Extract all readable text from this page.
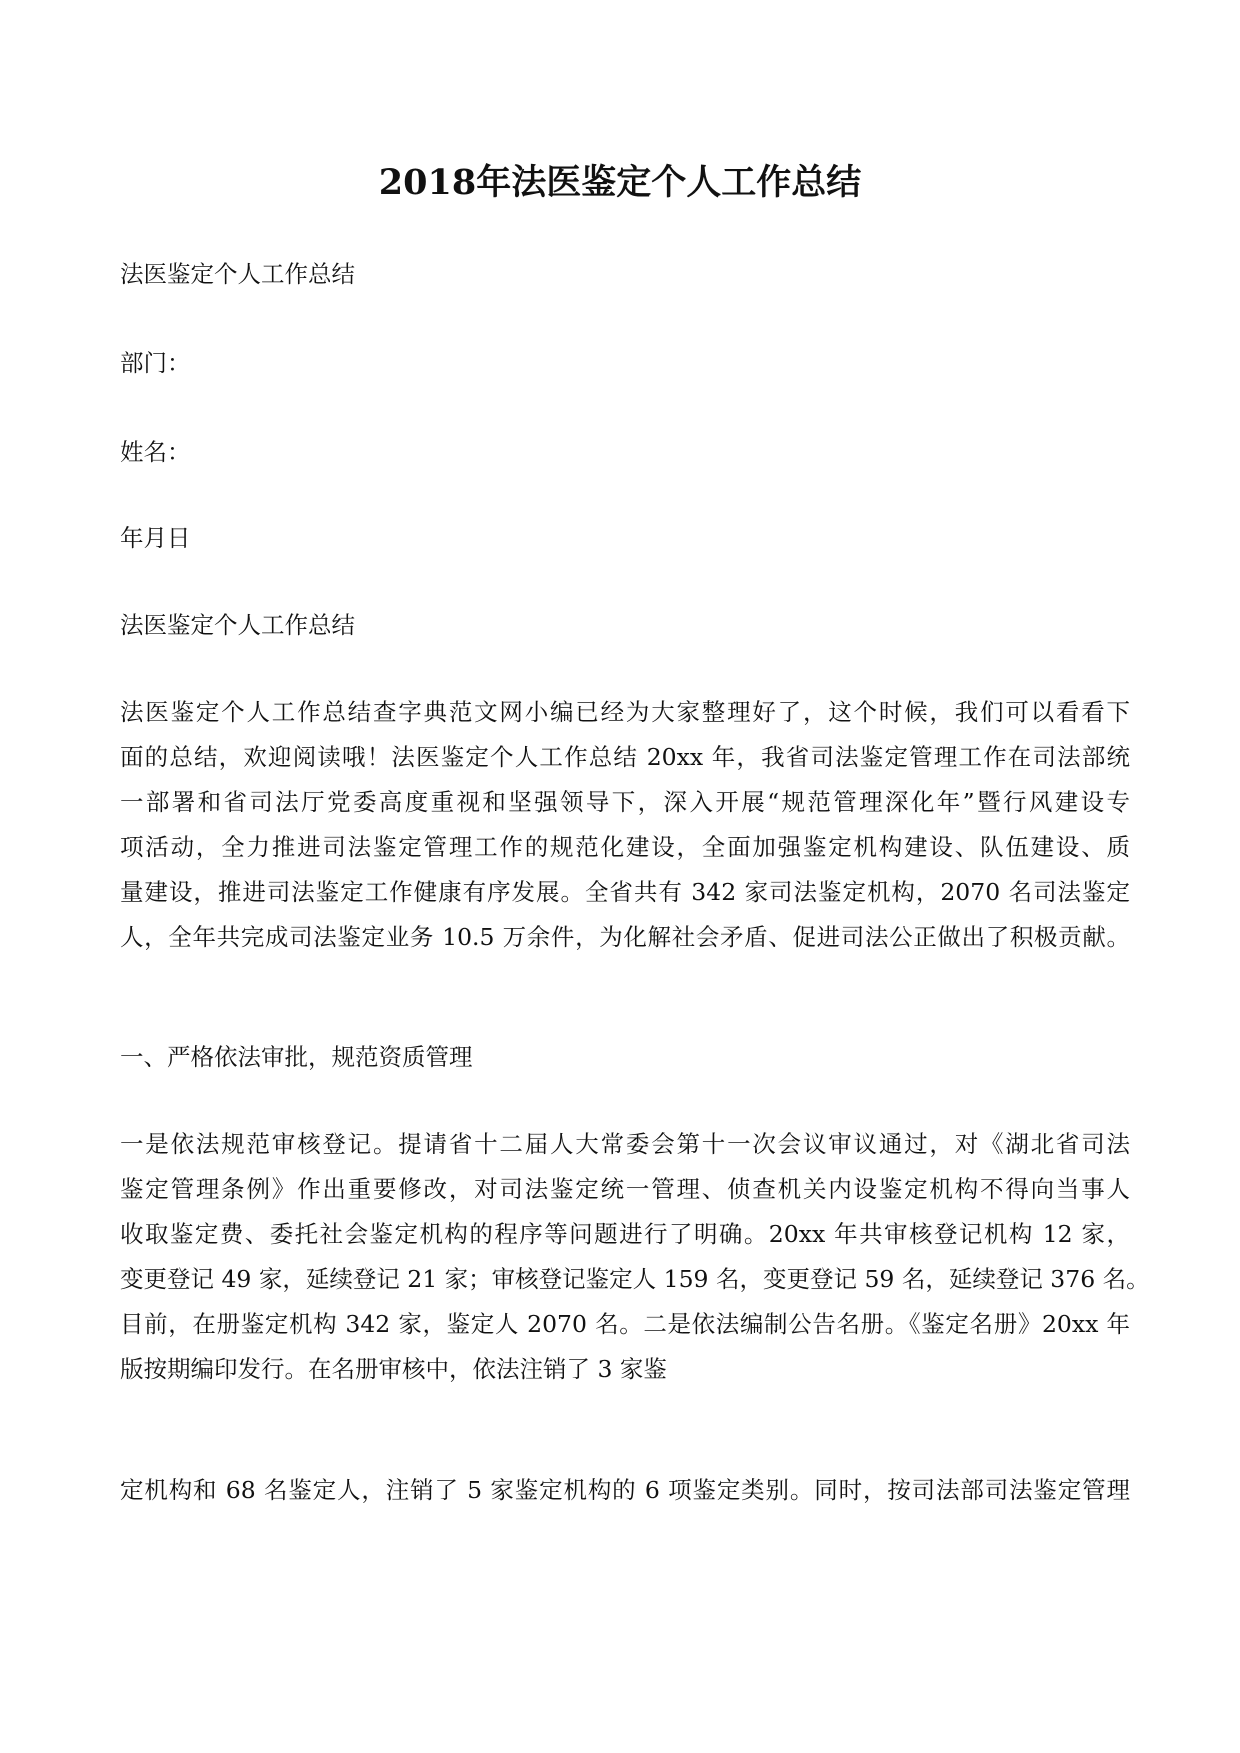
2018年法医鉴定个人工作总结
法医鉴定个人工作总结
部门：
姓名：
年月日
法医鉴定个人工作总结
法医鉴定个人工作总结查字典范文网小编已经为大家整理好了，这个时候，我们可以看看下
面的总结，欢迎阅读哦！法医鉴定个人工作总结 20xx 年，我省司法鉴定管理工作在司法部统
一部署和省司法厅党委高度重视和坚强领导下，深入开展“规范管理深化年”暨行风建设专
项活动，全力推进司法鉴定管理工作的规范化建设，全面加强鉴定机构建设、队伍建设、质
量建设，推进司法鉴定工作健康有序发展。全省共有 342 家司法鉴定机构，2070 名司法鉴定
人，全年共完成司法鉴定业务 10.5 万余件，为化解社会矛盾、促进司法公正做出了积极贡献。
一、严格依法审批，规范资质管理
一是依法规范审核登记。提请省十二届人大常委会第十一次会议审议通过，对《湖北省司法
鉴定管理条例》作出重要修改，对司法鉴定统一管理、侦查机关内设鉴定机构不得向当事人
收取鉴定费、委托社会鉴定机构的程序等问题进行了明确。20xx 年共审核登记机构 12 家，
变更登记 49 家，延续登记 21 家；审核登记鉴定人 159 名，变更登记 59 名，延续登记 376 名。
目前，在册鉴定机构 342 家，鉴定人 2070 名。二是依法编制公告名册。《鉴定名册》20xx 年
版按期编印发行。在名册审核中，依法注销了 3 家鉴
定机构和 68 名鉴定人，注销了 5 家鉴定机构的 6 项鉴定类别。同时，按司法部司法鉴定管理
